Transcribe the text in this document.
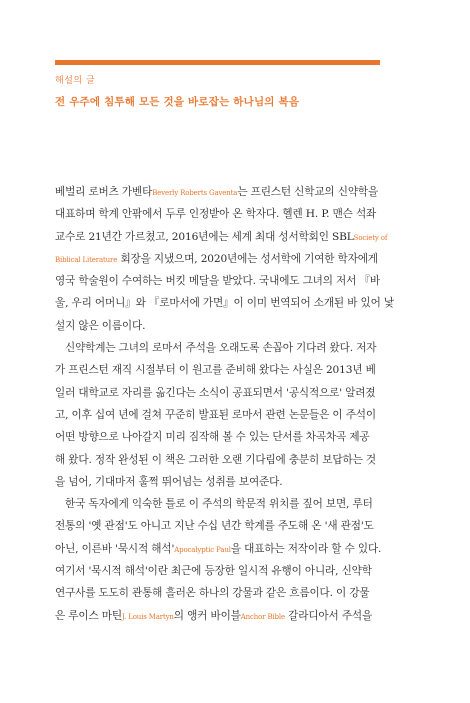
해설의 글
전 우주에 침투해 모든 것을 바로잡는 하나님의 복음
베벌리 로버츠 가벤타Beverly Roberts Gaventa는 프린스턴 신학교의 신약학을
대표하며 학계 안팎에서 두루 인정받아 온 학자다. 헬렌 H. P. 맨슨 석좌
교수로 21년간 가르쳤고, 2016년에는 세계 최대 성서학회인 SBLSociety of
Biblical Literature 회장을 지냈으며, 2020년에는 성서학에 기여한 학자에게
영국 학술원이 수여하는 버킷 메달을 받았다. 국내에도 그녀의 저서 『바
울, 우리 어머니』와 『로마서에 가면』이 이미 번역되어 소개된 바 있어 낯
설지 않은 이름이다.
신약학계는 그녀의 로마서 주석을 오래도록 손꼽아 기다려 왔다. 저자
가 프린스턴 재직 시절부터 이 원고를 준비해 왔다는 사실은 2013년 베
일러 대학교로 자리를 옮긴다는 소식이 공표되면서 '공식적으로' 알려졌
고, 이후 십여 년에 걸쳐 꾸준히 발표된 로마서 관련 논문들은 이 주석이
어떤 방향으로 나아갈지 미리 짐작해 볼 수 있는 단서를 차곡차곡 제공
해 왔다. 정작 완성된 이 책은 그러한 오랜 기다림에 충분히 보답하는 것
을 넘어, 기대마저 훌쩍 뛰어넘는 성취를 보여준다.
한국 독자에게 익숙한 틀로 이 주석의 학문적 위치를 짚어 보면, 루터
전통의 '옛 관점'도 아니고 지난 수십 년간 학계를 주도해 온 '새 관점'도
아닌, 이른바 '묵시적 해석'Apocalyptic Paul을 대표하는 저작이라 할 수 있다.
여기서 '묵시적 해석'이란 최근에 등장한 일시적 유행이 아니라, 신약학
연구사를 도도히 관통해 흘러온 하나의 강물과 같은 흐름이다. 이 강물
은 루이스 마틴J. Louis Martyn의 앵커 바이블Anchor Bible 갈라디아서 주석을
